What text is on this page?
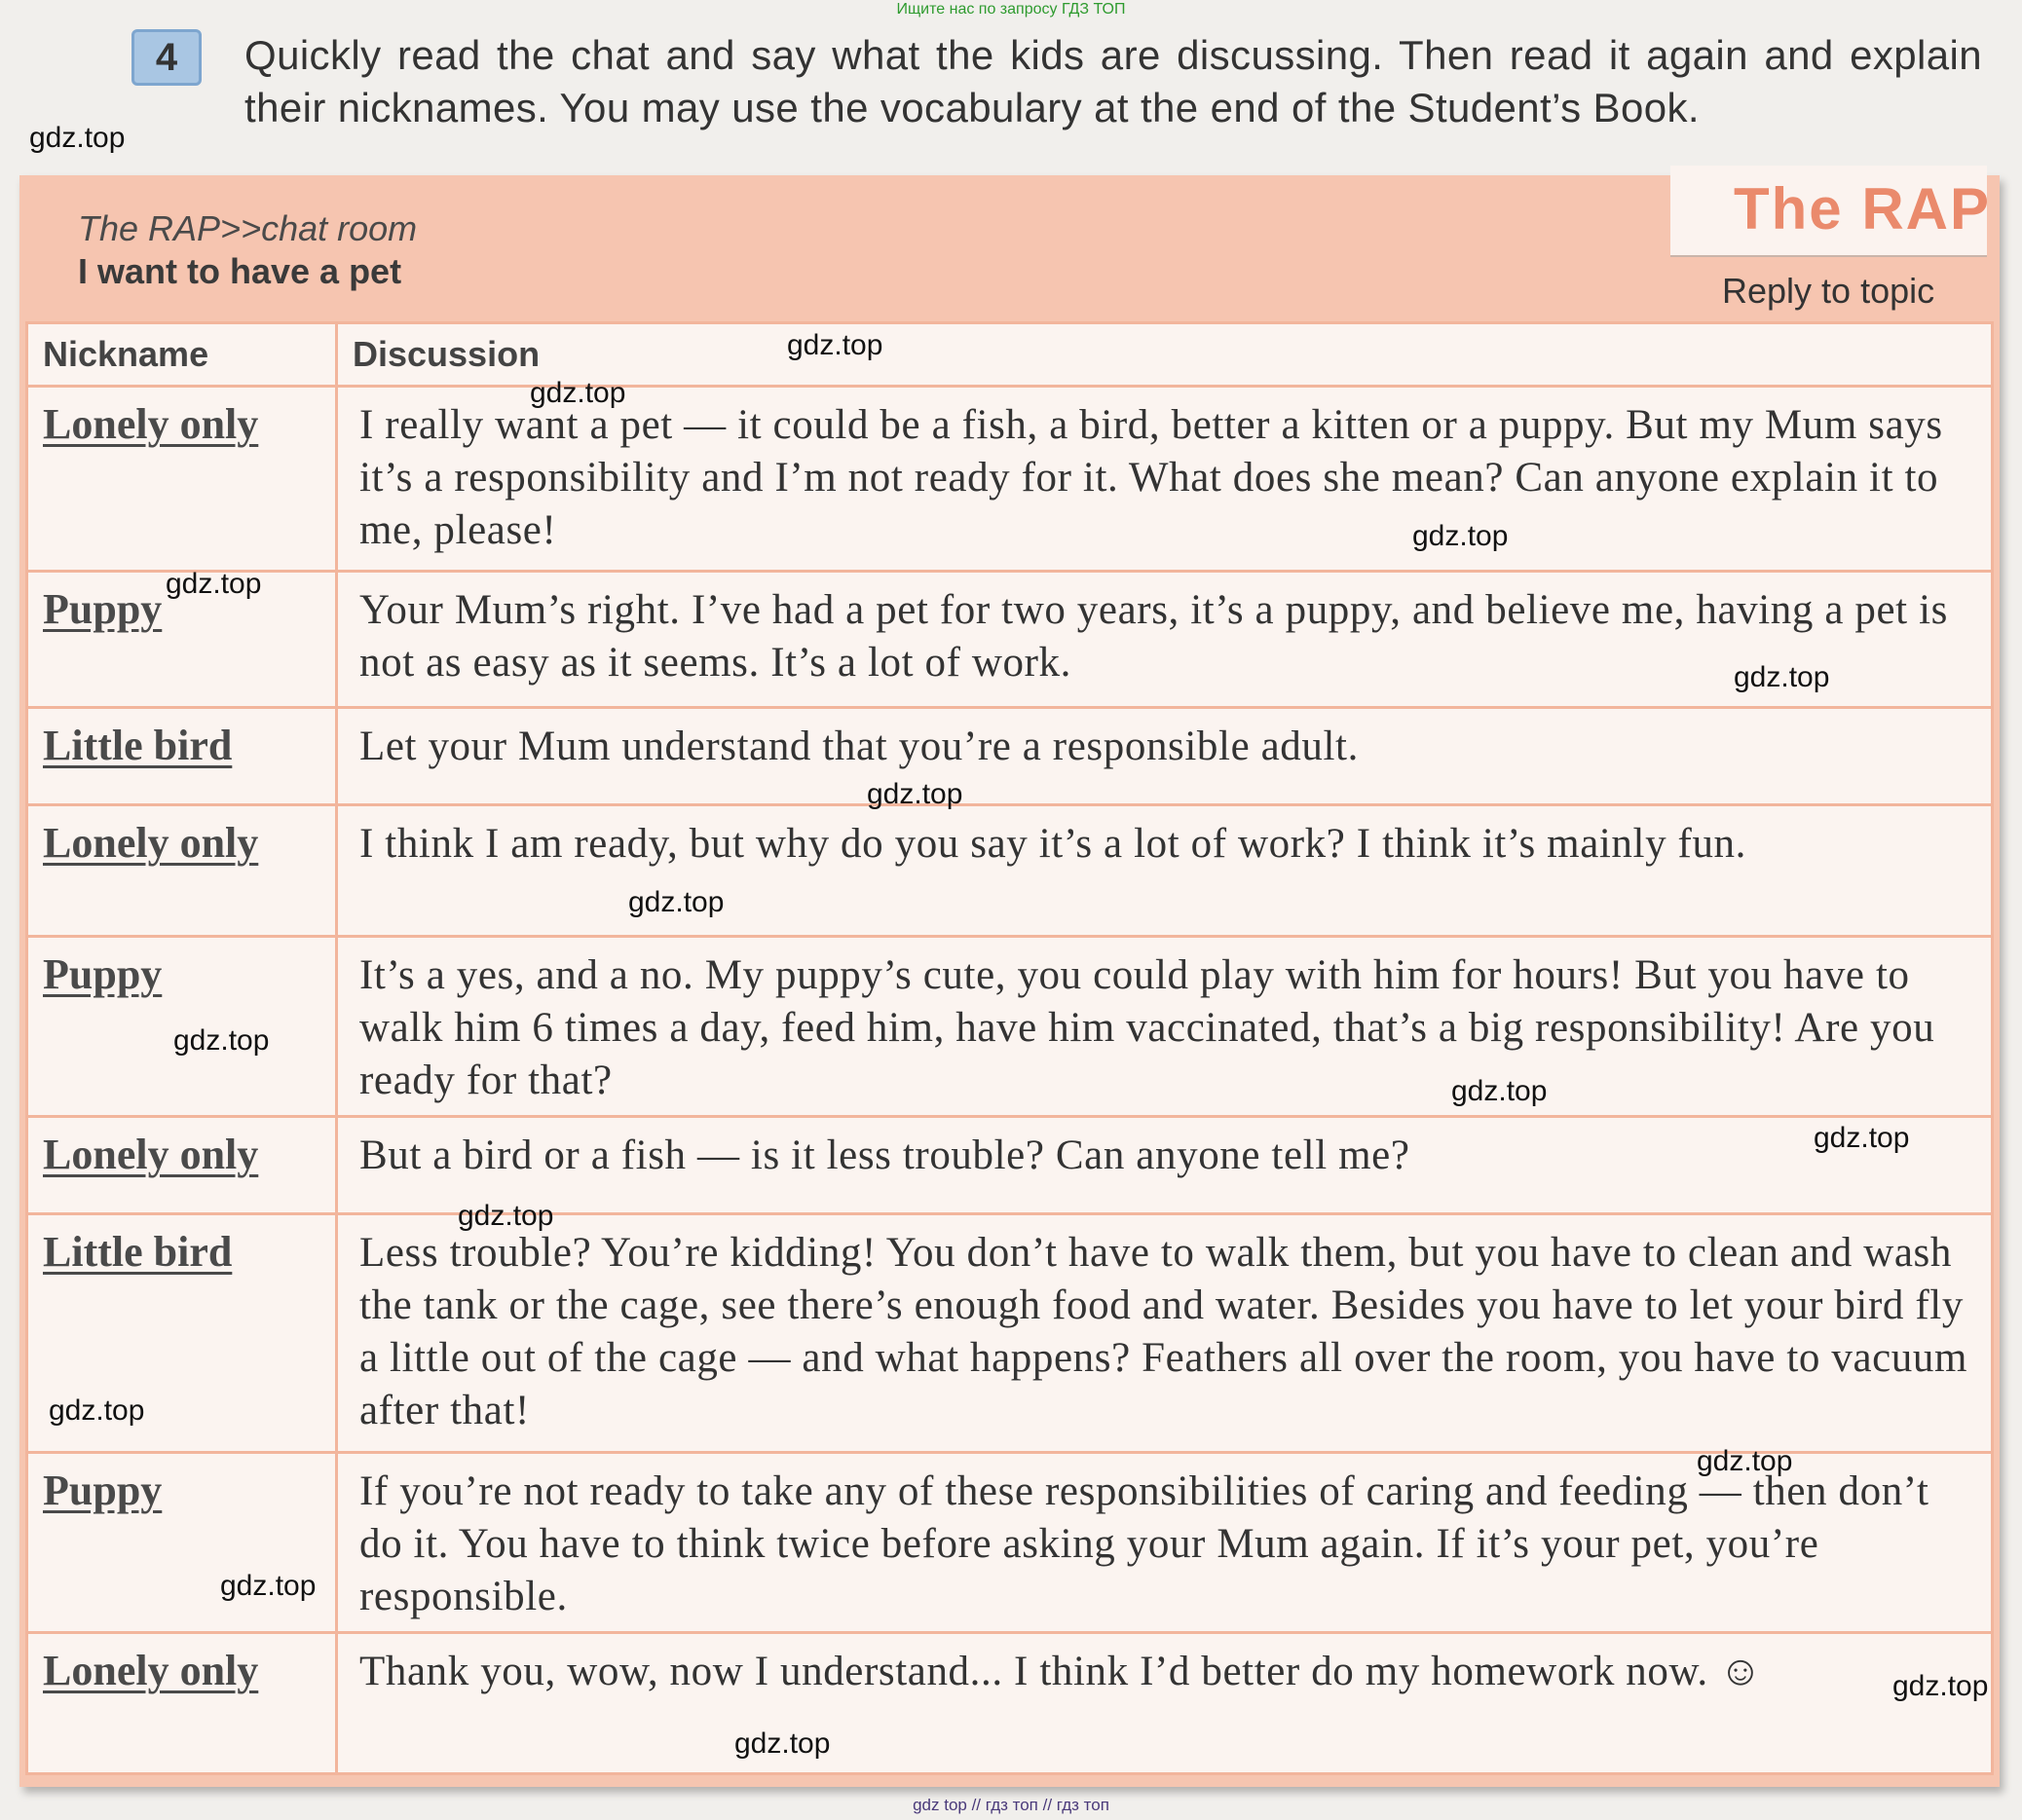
Ищите нас по запросу ГДЗ ТОП
4	Quickly read the chat and say what the kids are discussing. Then read it again and explain their nicknames. You may use the vocabulary at the end of the Student’s Book.
The RAP>>chat room
I want to have a pet
The RAP
Reply to topic
Nickname	Discussion
Lonely only	I really want a pet — it could be a fish, a bird, better a kitten or a puppy. But my Mum says it’s a responsibility and I’m not ready for it. What does she mean? Can anyone explain it to me, please!
Puppy	Your Mum’s right. I’ve had a pet for two years, it’s a puppy, and believe me, having a pet is not as easy as it seems. It’s a lot of work.
Little bird	Let your Mum understand that you’re a responsible adult.
Lonely only	I think I am ready, but why do you say it’s a lot of work? I think it’s mainly fun.
Puppy	It’s a yes, and a no. My puppy’s cute, you could play with him for hours! But you have to walk him 6 times a day, feed him, have him vaccinated, that’s a big responsibility! Are you ready for that?
Lonely only	But a bird or a fish — is it less trouble? Can anyone tell me?
Little bird	Less trouble? You’re kidding! You don’t have to walk them, but you have to clean and wash the tank or the cage, see there’s enough food and water. Besides you have to let your bird fly a little out of the cage — and what happens? Feathers all over the room, you have to vacuum after that!
Puppy	If you’re not ready to take any of these responsibilities of caring and feeding — then don’t do it. You have to think twice before asking your Mum again. If it’s your pet, you’re responsible.
Lonely only	Thank you, wow, now I understand... I think I’d better do my homework now. ☺
gdz.top
gdz.top
gdz.top
gdz.top
gdz.top
gdz.top
gdz.top
gdz.top
gdz.top
gdz.top
gdz.top
gdz.top
gdz.top
gdz.top
gdz.top
gdz.top
gdz.top
gdz top // гдз топ // гдз топ
